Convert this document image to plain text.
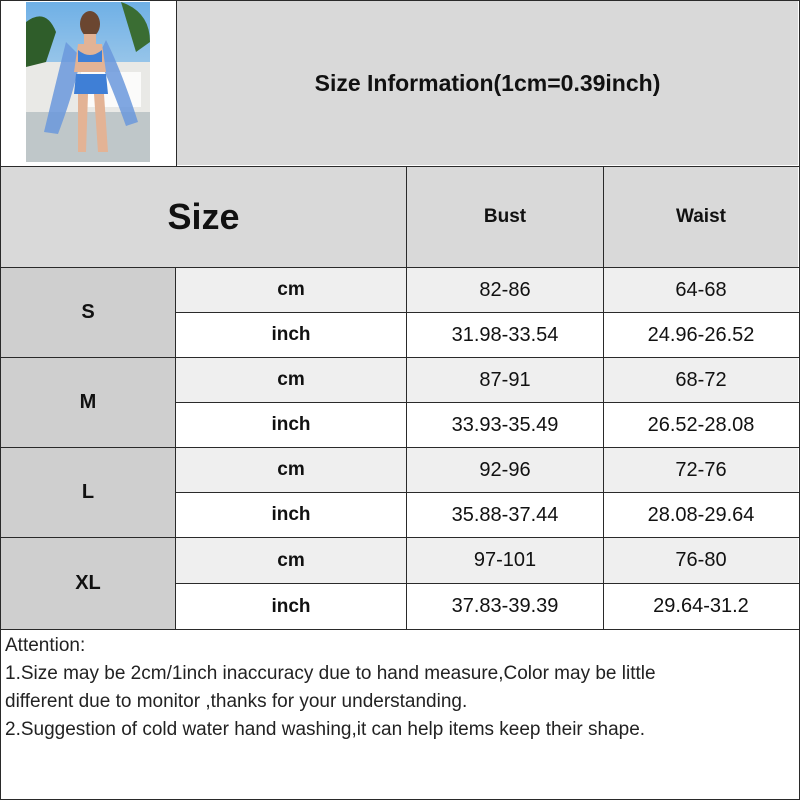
Size Information(1cm=0.39inch)
Size	Bust	Waist
S
cm	82-86	64-68
inch	31.98-33.54	24.96-26.52
M
cm	87-91	68-72
inch	33.93-35.49	26.52-28.08
L
cm	92-96	72-76
inch	35.88-37.44	28.08-29.64
XL
cm	97-101	76-80
inch	37.83-39.39	29.64-31.2
Attention:
1.Size may be 2cm/1inch inaccuracy due to hand measure,Color may be little
different due to monitor ,thanks for your understanding.
2.Suggestion of cold water hand washing,it can help items keep their shape.
